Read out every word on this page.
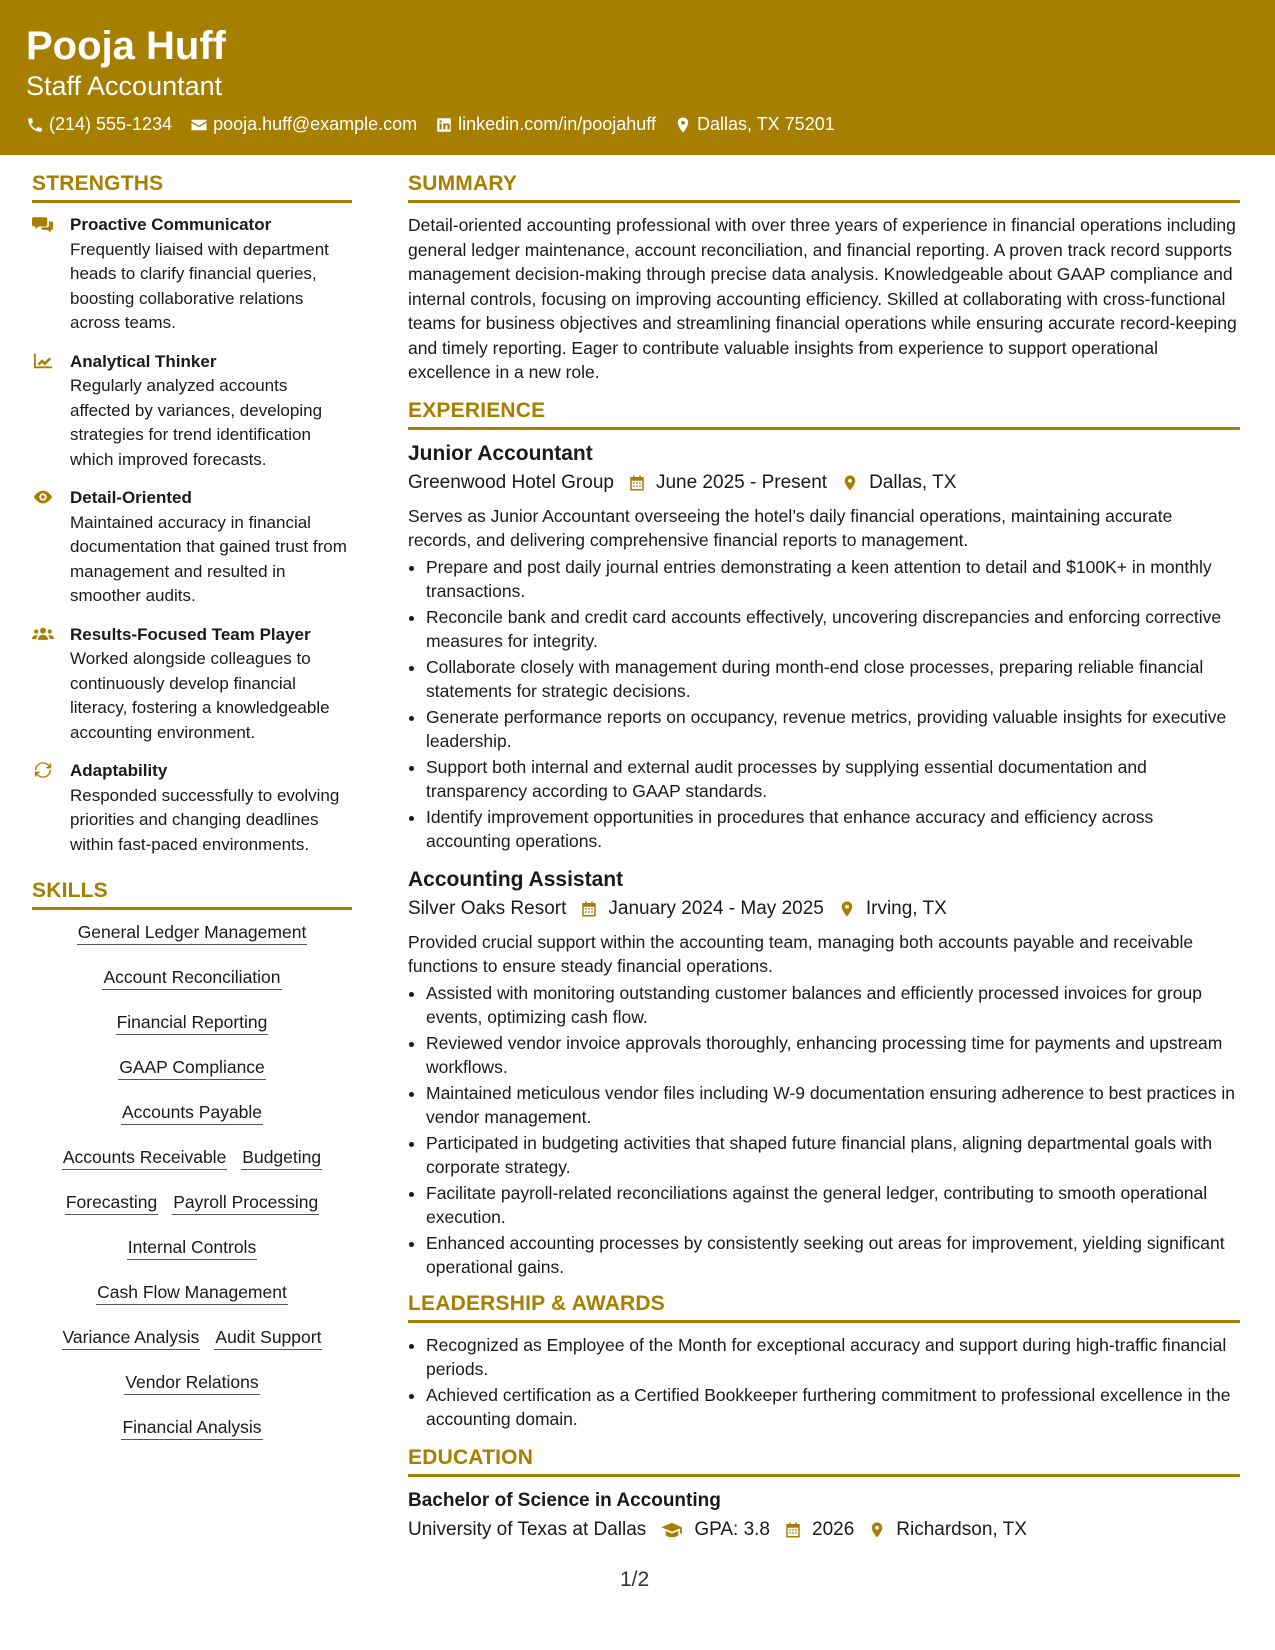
Pooja Huff
Staff Accountant
(214) 555-1234 pooja.huff@example.com linkedin.com/in/poojahuff Dallas, TX 75201
STRENGTHS
Proactive Communicator
Frequently liaised with department heads to clarify financial queries, boosting collaborative relations across teams.
Analytical Thinker
Regularly analyzed accounts affected by variances, developing strategies for trend identification which improved forecasts.
Detail-Oriented
Maintained accuracy in financial documentation that gained trust from management and resulted in smoother audits.
Results-Focused Team Player
Worked alongside colleagues to continuously develop financial literacy, fostering a knowledgeable accounting environment.
Adaptability
Responded successfully to evolving priorities and changing deadlines within fast-paced environments.
SKILLS
General Ledger Management
Account Reconciliation
Financial Reporting
GAAP Compliance
Accounts Payable
Accounts Receivable Budgeting
Forecasting Payroll Processing
Internal Controls
Cash Flow Management
Variance Analysis Audit Support
Vendor Relations
Financial Analysis
SUMMARY
Detail-oriented accounting professional with over three years of experience in financial operations including general ledger maintenance, account reconciliation, and financial reporting. A proven track record supports management decision-making through precise data analysis. Knowledgeable about GAAP compliance and internal controls, focusing on improving accounting efficiency. Skilled at collaborating with cross-functional teams for business objectives and streamlining financial operations while ensuring accurate record-keeping and timely reporting. Eager to contribute valuable insights from experience to support operational excellence in a new role.
EXPERIENCE
Junior Accountant
Greenwood Hotel Group June 2025 - Present Dallas, TX
Serves as Junior Accountant overseeing the hotel’s daily financial operations, maintaining accurate records, and delivering comprehensive financial reports to management.
• Prepare and post daily journal entries demonstrating a keen attention to detail and $100K+ in monthly transactions.
• Reconcile bank and credit card accounts effectively, uncovering discrepancies and enforcing corrective measures for integrity.
• Collaborate closely with management during month-end close processes, preparing reliable financial statements for strategic decisions.
• Generate performance reports on occupancy, revenue metrics, providing valuable insights for executive leadership.
• Support both internal and external audit processes by supplying essential documentation and transparency according to GAAP standards.
• Identify improvement opportunities in procedures that enhance accuracy and efficiency across accounting operations.
Accounting Assistant
Silver Oaks Resort January 2024 - May 2025 Irving, TX
Provided crucial support within the accounting team, managing both accounts payable and receivable functions to ensure steady financial operations.
• Assisted with monitoring outstanding customer balances and efficiently processed invoices for group events, optimizing cash flow.
• Reviewed vendor invoice approvals thoroughly, enhancing processing time for payments and upstream workflows.
• Maintained meticulous vendor files including W-9 documentation ensuring adherence to best practices in vendor management.
• Participated in budgeting activities that shaped future financial plans, aligning departmental goals with corporate strategy.
• Facilitate payroll-related reconciliations against the general ledger, contributing to smooth operational execution.
• Enhanced accounting processes by consistently seeking out areas for improvement, yielding significant operational gains.
LEADERSHIP & AWARDS
• Recognized as Employee of the Month for exceptional accuracy and support during high-traffic financial periods.
• Achieved certification as a Certified Bookkeeper furthering commitment to professional excellence in the accounting domain.
EDUCATION
Bachelor of Science in Accounting
University of Texas at Dallas	GPA: 3.8 2026 Richardson, TX
1/2
